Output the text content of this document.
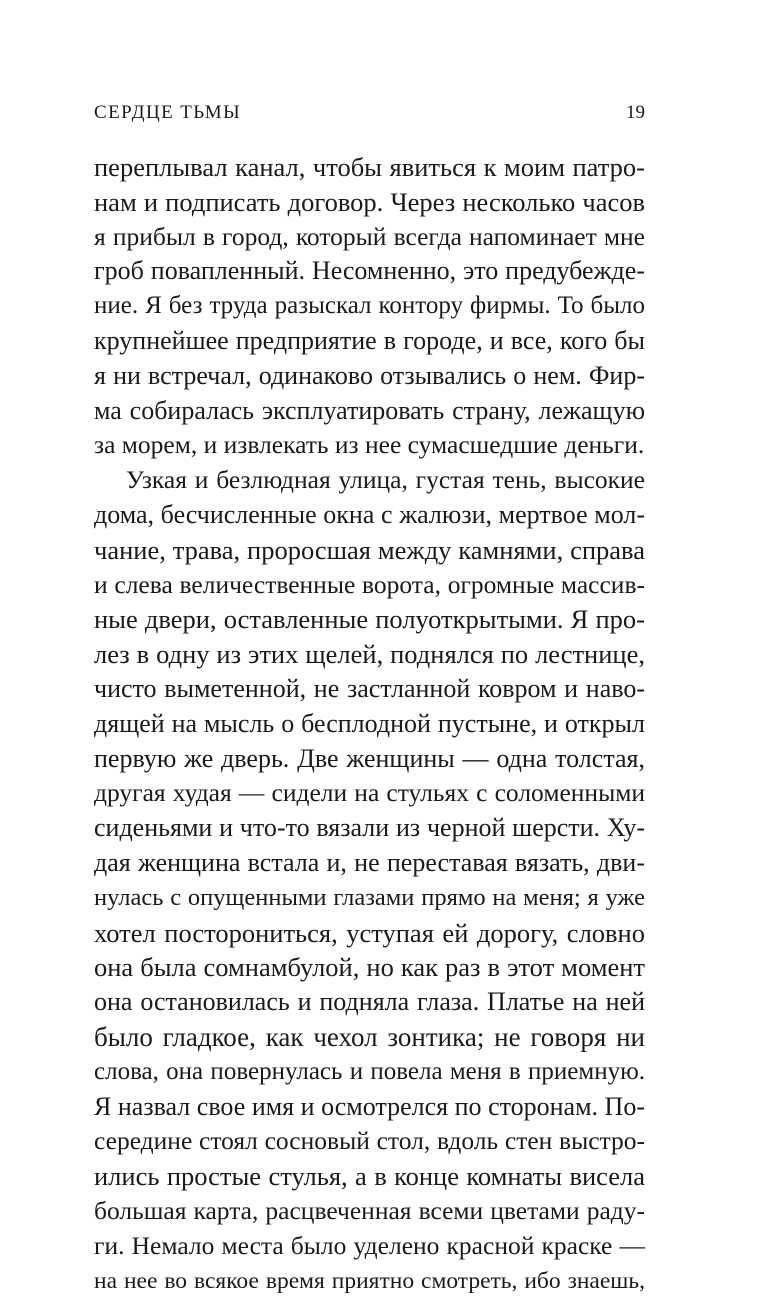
СЕРДЦЕ ТЬМЫ	19
переплывал канал, чтобы явиться к моим патро-
нам и подписать договор. Через несколько часов
я прибыл в город, который всегда напоминает мне
гроб повапленный. Несомненно, это предубежде-
ние. Я без труда разыскал контору фирмы. То было
крупнейшее предприятие в городе, и все, кого бы
я ни встречал, одинаково отзывались о нем. Фир-
ма собиралась эксплуатировать страну, лежащую
за морем, и извлекать из нее сумасшедшие деньги.
Узкая и безлюдная улица, густая тень, высокие
дома, бесчисленные окна с жалюзи, мертвое мол-
чание, трава, проросшая между камнями, справа
и слева величественные ворота, огромные массив-
ные двери, оставленные полуоткрытыми. Я про-
лез в одну из этих щелей, поднялся по лестнице,
чисто выметенной, не застланной ковром и наво-
дящей на мысль о бесплодной пустыне, и открыл
первую же дверь. Две женщины — одна толстая,
другая худая — сидели на стульях с соломенными
сиденьями и что-то вязали из черной шерсти. Ху-
дая женщина встала и, не переставая вязать, дви-
нулась с опущенными глазами прямо на меня; я уже
хотел посторониться, уступая ей дорогу, словно
она была сомнамбулой, но как раз в этот момент
она остановилась и подняла глаза. Платье на ней
было гладкое, как чехол зонтика; не говоря ни
слова, она повернулась и повела меня в приемную.
Я назвал свое имя и осмотрелся по сторонам. По-
середине стоял сосновый стол, вдоль стен выстро-
ились простые стулья, а в конце комнаты висела
большая карта, расцвеченная всеми цветами раду-
ги. Немало места было уделено красной краске —
на нее во всякое время приятно смотреть, ибо знаешь,
